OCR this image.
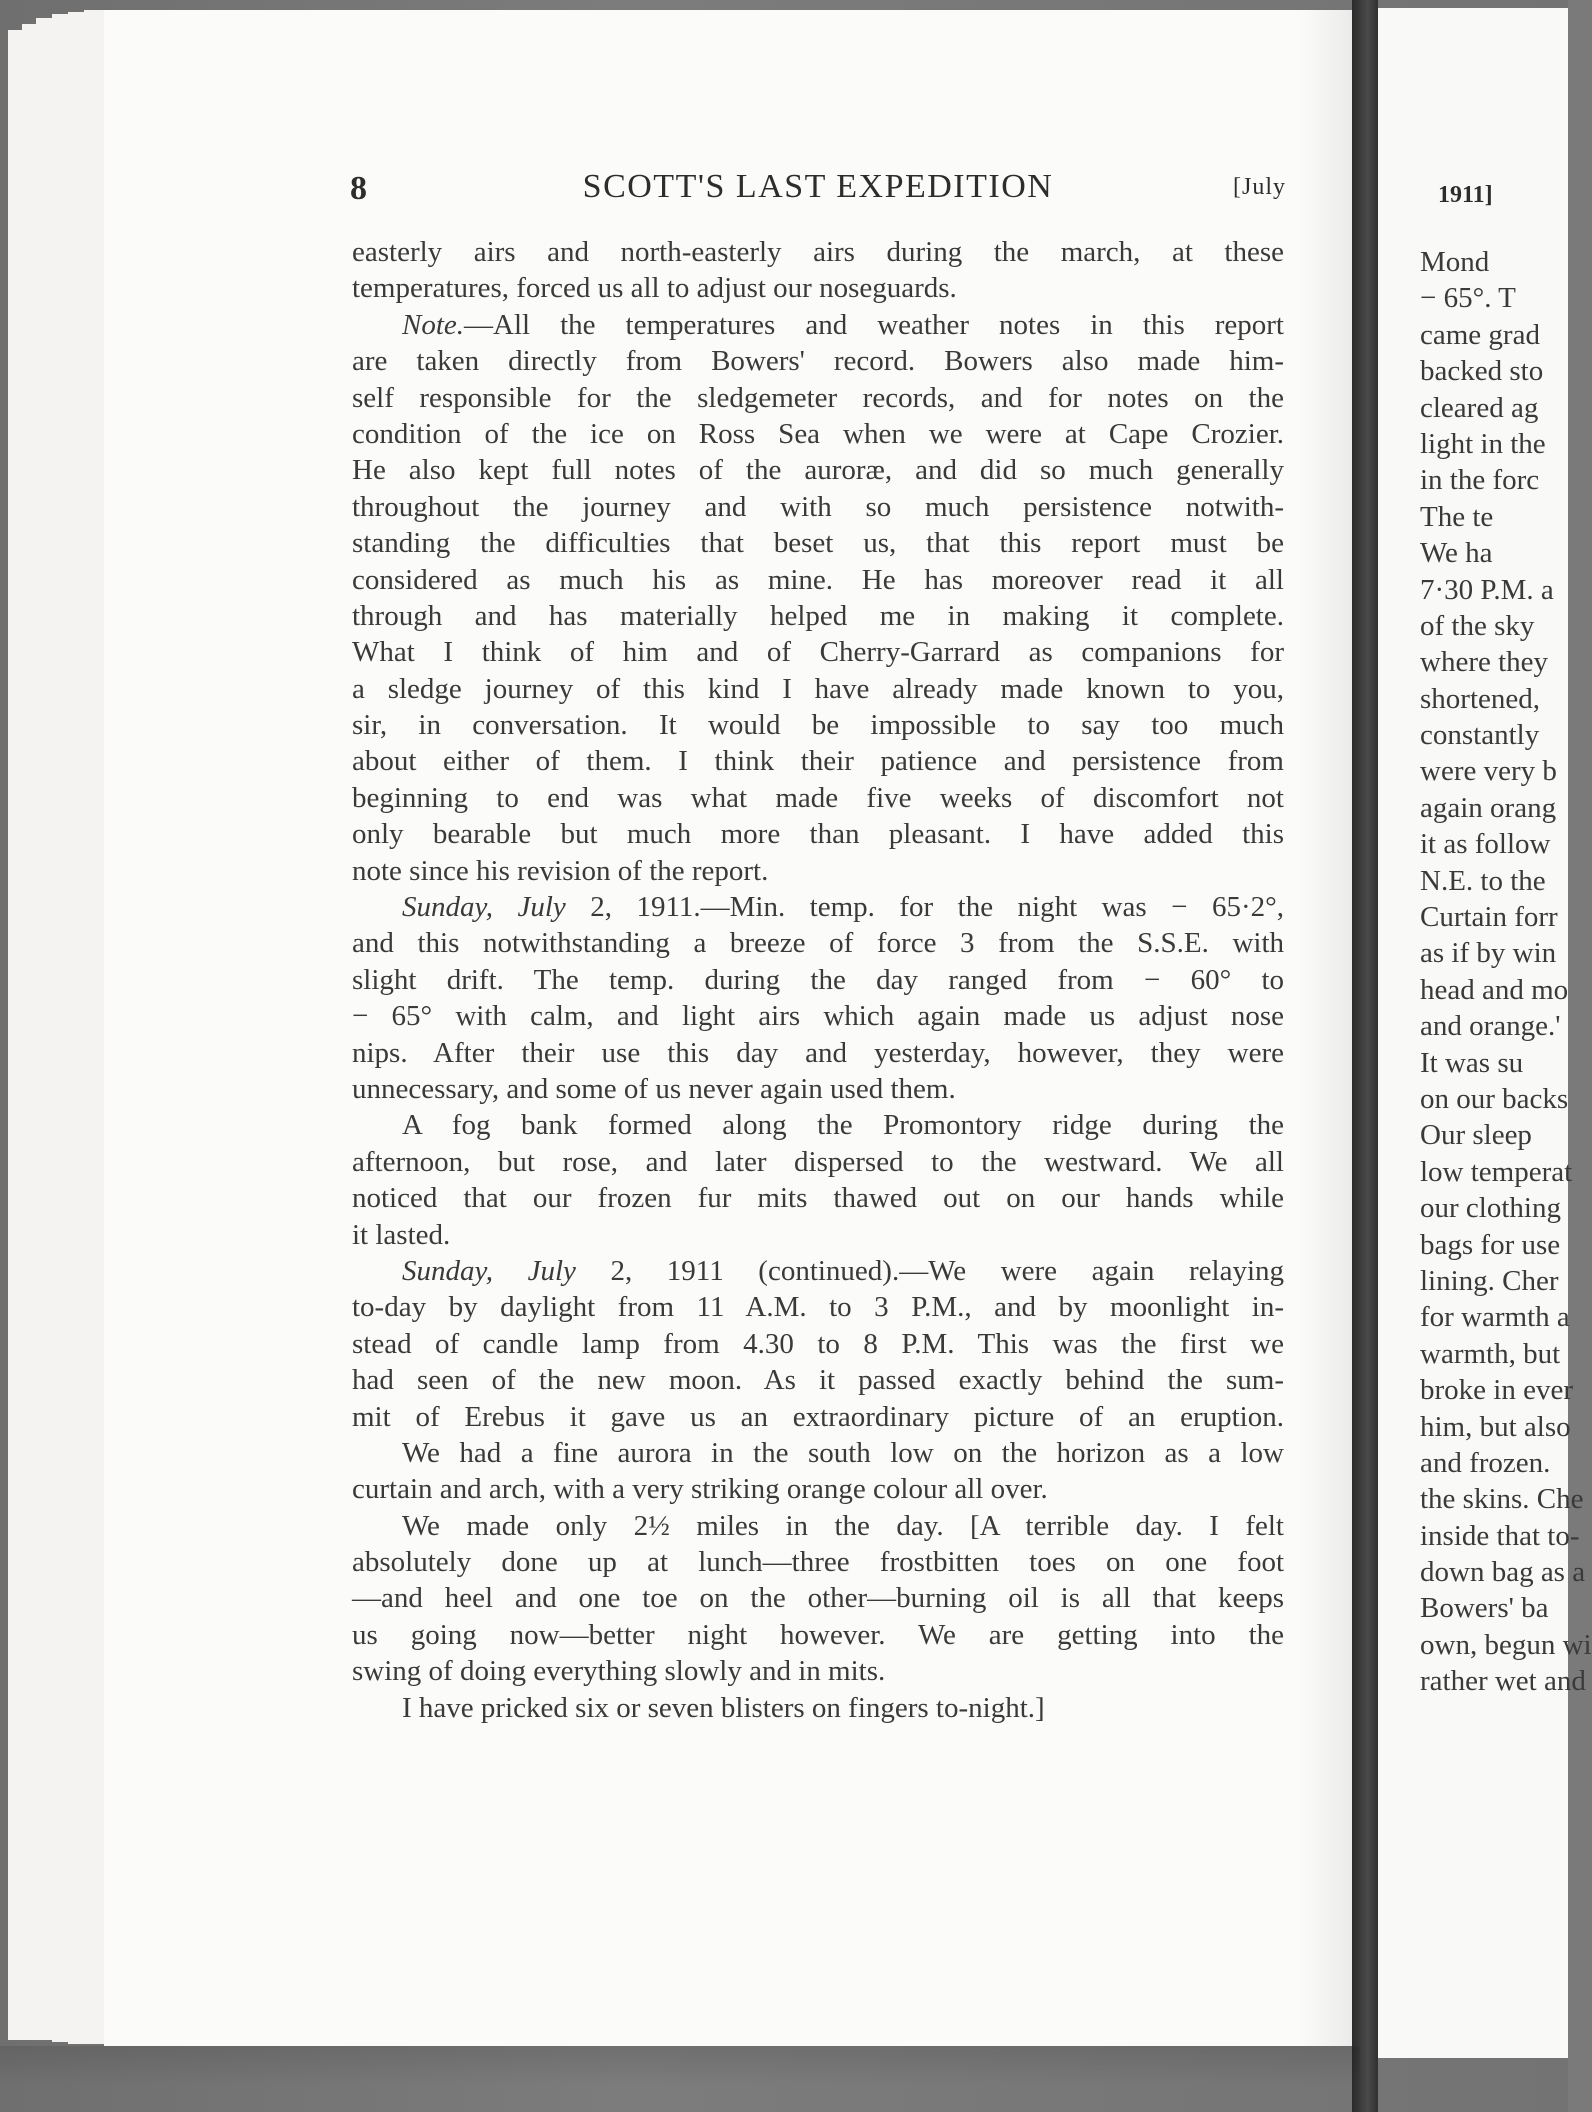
8	SCOTT'S LAST EXPEDITION	[July
easterly airs and north-easterly airs during the march, at these
temperatures, forced us all to adjust our noseguards.
Note.—All the temperatures and weather notes in this report
are taken directly from Bowers' record. Bowers also made him-
self responsible for the sledgemeter records, and for notes on the
condition of the ice on Ross Sea when we were at Cape Crozier.
He also kept full notes of the auroræ, and did so much generally
throughout the journey and with so much persistence notwith-
standing the difficulties that beset us, that this report must be
considered as much his as mine. He has moreover read it all
through and has materially helped me in making it complete.
What I think of him and of Cherry-Garrard as companions for
a sledge journey of this kind I have already made known to you,
sir, in conversation. It would be impossible to say too much
about either of them. I think their patience and persistence from
beginning to end was what made five weeks of discomfort not
only bearable but much more than pleasant. I have added this
note since his revision of the report.
Sunday, July 2, 1911.—Min. temp. for the night was − 65·2°,
and this notwithstanding a breeze of force 3 from the S.S.E. with
slight drift. The temp. during the day ranged from − 60° to
− 65° with calm, and light airs which again made us adjust nose
nips. After their use this day and yesterday, however, they were
unnecessary, and some of us never again used them.
A fog bank formed along the Promontory ridge during the
afternoon, but rose, and later dispersed to the westward. We all
noticed that our frozen fur mits thawed out on our hands while
it lasted.
Sunday, July 2, 1911 (continued).—We were again relaying
to-day by daylight from 11 A.M. to 3 P.M., and by moonlight in-
stead of candle lamp from 4.30 to 8 P.M. This was the first we
had seen of the new moon. As it passed exactly behind the sum-
mit of Erebus it gave us an extraordinary picture of an eruption.
We had a fine aurora in the south low on the horizon as a low
curtain and arch, with a very striking orange colour all over.
We made only 2½ miles in the day. [A terrible day. I felt
absolutely done up at lunch—three frostbitten toes on one foot
—and heel and one toe on the other—burning oil is all that keeps
us going now—better night however. We are getting into the
swing of doing everything slowly and in mits.
I have pricked six or seven blisters on fingers to-night.]
1911]
Mond
− 65°. T
came grad
backed sto
cleared ag
light in the
in the forc
The te
We ha
7·30 P.M. a
of the sky
where they
shortened,
constantly
were very b
again orang
it as follow
N.E. to the
Curtain forr
as if by win
head and mo
and orange.'
It was su
on our backs
Our sleep
low temperat
our clothing
bags for use
lining. Cher
for warmth a
warmth, but
broke in ever
him, but also
and frozen.
the skins. Che
inside that to-
down bag as a
Bowers' ba
own, begun wi
rather wet and
